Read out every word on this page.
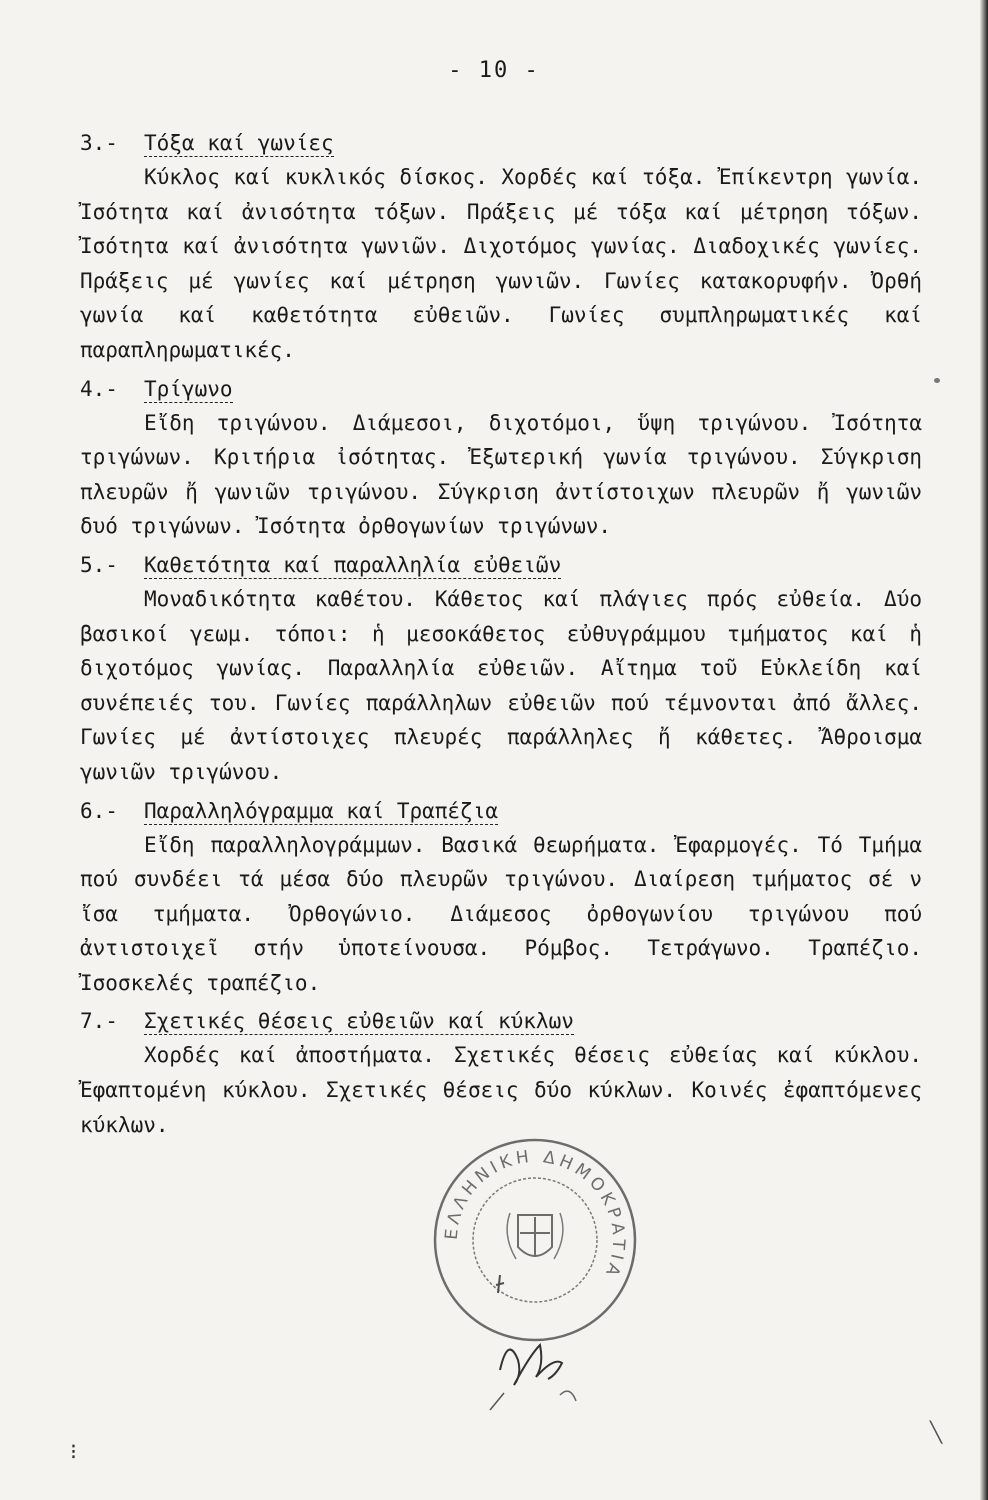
- 10 -
3.- Τόξα καί γωνίες
Κύκλος καί κυκλικός δίσκος. Χορδές καί τόξα. Ἐπίκεντρη γωνία. Ἰσότητα καί ἀνισότητα τόξων. Πράξεις μέ τόξα καί μέτρηση τόξων. Ἰσότητα καί ἀνισότητα γωνιῶν. Διχοτόμος γωνίας. Διαδοχικές γωνίες. Πράξεις μέ γωνίες καί μέτρηση γωνιῶν. Γωνίες κατακορυφήν. Ὀρθή γωνία καί καθετότητα εὐθειῶν. Γωνίες συμπληρωματικές καί παραπληρωματικές.
4.- Τρίγωνο
Εἴδη τριγώνου. Διάμεσοι, διχοτόμοι, ὕψη τριγώνου. Ἰσότητα τριγώνων. Κριτήρια ἰσότητας. Ἐξωτερική γωνία τριγώνου. Σύγκριση πλευρῶν ἤ γωνιῶν τριγώνου. Σύγκριση ἀντίστοιχων πλευρῶν ἤ γωνιῶν δυό τριγώνων. Ἰσότητα ὀρθογωνίων τριγώνων.
5.- Καθετότητα καί παραλληλία εὐθειῶν
Μοναδικότητα καθέτου. Κάθετος καί πλάγιες πρός εὐθεία. Δύο βασικοί γεωμ. τόποι: ἡ μεσοκάθετος εὐθυγράμμου τμήματος καί ἡ διχοτόμος γωνίας. Παραλληλία εὐθειῶν. Αἴτημα τοῦ Εὐκλείδη καί συνέπειές του. Γωνίες παράλληλων εὐθειῶν πού τέμνονται ἀπό ἄλλες. Γωνίες μέ ἀντίστοιχες πλευρές παράλληλες ἤ κάθετες. Ἄθροισμα γωνιῶν τριγώνου.
6.- Παραλληλόγραμμα καί Τραπέζια
Εἴδη παραλληλογράμμων. Βασικά θεωρήματα. Ἐφαρμογές. Τό Τμήμα πού συνδέει τά μέσα δύο πλευρῶν τριγώνου. Διαίρεση τμήματος σέ ν ἴσα τμήματα. Ὀρθογώνιο. Διάμεσος ὀρθογωνίου τριγώνου πού ἀντιστοιχεῖ στήν ὑποτείνουσα. Ρόμβος. Τετράγωνο. Τραπέζιο. Ἰσοσκελές τραπέζιο.
7.- Σχετικές θέσεις εὐθειῶν καί κύκλων
Χορδές καί ἀποστήματα. Σχετικές θέσεις εὐθείας καί κύκλου. Ἐφαπτομένη κύκλου. Σχετικές θέσεις δύο κύκλων. Κοινές ἐφαπτόμενες κύκλων.
ΕΛΛΗΝΙΚΗ ΔΗΜΟΚΡΑΤΙΑ
⁝
╲
